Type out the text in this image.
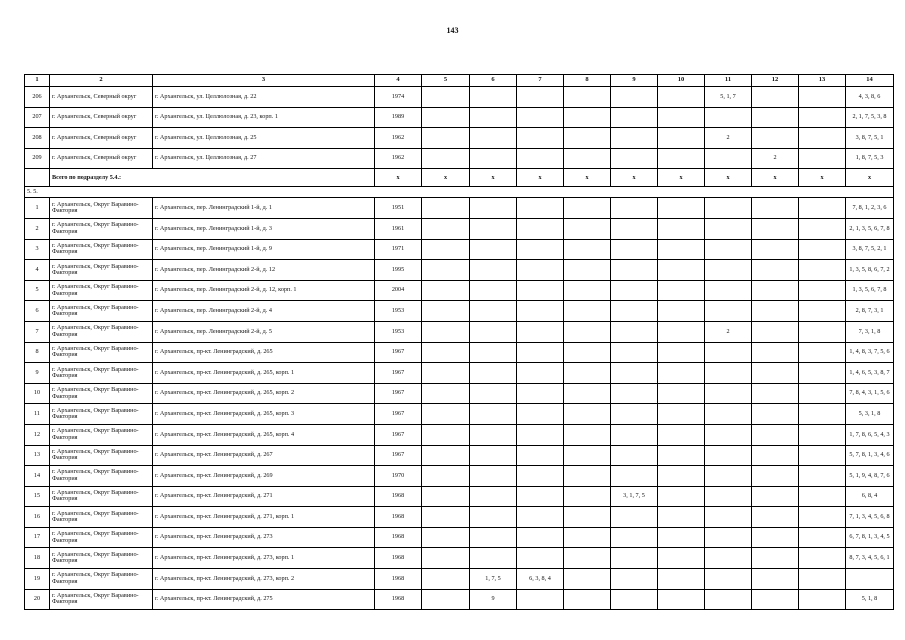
143
1	2	3	4	5	6	7	8	9	10	11	12	13	14
206	г. Архангельск, Северный округ	г. Архангельск, ул. Целлюлозная, д. 22	1974							5, 1, 7			4, 3, 8, 6
207	г. Архангельск, Северный округ	г. Архангельск, ул. Целлюлозная, д. 23, корп. 1	1989										2, 1, 7, 5, 3, 8
208	г. Архангельск, Северный округ	г. Архангельск, ул. Целлюлозная, д. 25	1962							2			3, 8, 7, 5, 1
209	г. Архангельск, Северный округ	г. Архангельск, ул. Целлюлозная, д. 27	1962								2		1, 8, 7, 5, 3
	Всего по подразделу 5.4.:		х	х	х	х	х	х	х	х	х	х	х
5. 5.													
1	г. Архангельск, Округ Варавино-Фактория	г. Архангельск, пер. Ленинградский 1-й, д. 1	1951										7, 8, 1, 2, 3, 6
2	г. Архангельск, Округ Варавино-Фактория	г. Архангельск, пер. Ленинградский 1-й, д. 3	1961										2, 1, 3, 5, 6, 7, 8
3	г. Архангельск, Округ Варавино-Фактория	г. Архангельск, пер. Ленинградский 1-й, д. 9	1971										3, 8, 7, 5, 2, 1
4	г. Архангельск, Округ Варавино-Фактория	г. Архангельск, пер. Ленинградский 2-й, д. 12	1995										1, 3, 5, 8, 6, 7, 2
5	г. Архангельск, Округ Варавино-Фактория	г. Архангельск, пер. Ленинградский 2-й, д. 12, корп. 1	2004										1, 3, 5, 6, 7, 8
6	г. Архангельск, Округ Варавино-Фактория	г. Архангельск, пер. Ленинградский 2-й, д. 4	1953										2, 8, 7, 3, 1
7	г. Архангельск, Округ Варавино-Фактория	г. Архангельск, пер. Ленинградский 2-й, д. 5	1953							2			7, 3, 1, 8
8	г. Архангельск, Округ Варавино-Фактория	г. Архангельск, пр-кт. Ленинградский, д. 265	1967										1, 4, 8, 3, 7, 5, 6
9	г. Архангельск, Округ Варавино-Фактория	г. Архангельск, пр-кт. Ленинградский, д. 265, корп. 1	1967										1, 4, 6, 5, 3, 8, 7
10	г. Архангельск, Округ Варавино-Фактория	г. Архангельск, пр-кт. Ленинградский, д. 265, корп. 2	1967										7, 8, 4, 3, 1, 5, 6
11	г. Архангельск, Округ Варавино-Фактория	г. Архангельск, пр-кт. Ленинградский, д. 265, корп. 3	1967										5, 3, 1, 8
12	г. Архангельск, Округ Варавино-Фактория	г. Архангельск, пр-кт. Ленинградский, д. 265, корп. 4	1967										1, 7, 8, 6, 5, 4, 3
13	г. Архангельск, Округ Варавино-Фактория	г. Архангельск, пр-кт. Ленинградский, д. 267	1967										5, 7, 8, 1, 3, 4, 6
14	г. Архангельск, Округ Варавино-Фактория	г. Архангельск, пр-кт. Ленинградский, д. 269	1970										5, 1, 9, 4, 8, 7, 6
15	г. Архангельск, Округ Варавино-Фактория	г. Архангельск, пр-кт. Ленинградский, д. 271	1968					3, 1, 7, 5					6, 8, 4
16	г. Архангельск, Округ Варавино-Фактория	г. Архангельск, пр-кт. Ленинградский, д. 271, корп. 1	1968										7, 1, 3, 4, 5, 6, 8
17	г. Архангельск, Округ Варавино-Фактория	г. Архангельск, пр-кт. Ленинградский, д. 273	1968										6, 7, 8, 1, 3, 4, 5
18	г. Архангельск, Округ Варавино-Фактория	г. Архангельск, пр-кт. Ленинградский, д. 273, корп. 1	1968										8, 7, 3, 4, 5, 6, 1
19	г. Архангельск, Округ Варавино-Фактория	г. Архангельск, пр-кт. Ленинградский, д. 273, корп. 2	1968		1, 7, 5	6, 3, 8, 4							
20	г. Архангельск, Округ Варавино-Фактория	г. Архангельск, пр-кт. Ленинградский, д. 275	1968		9								5, 1, 8
